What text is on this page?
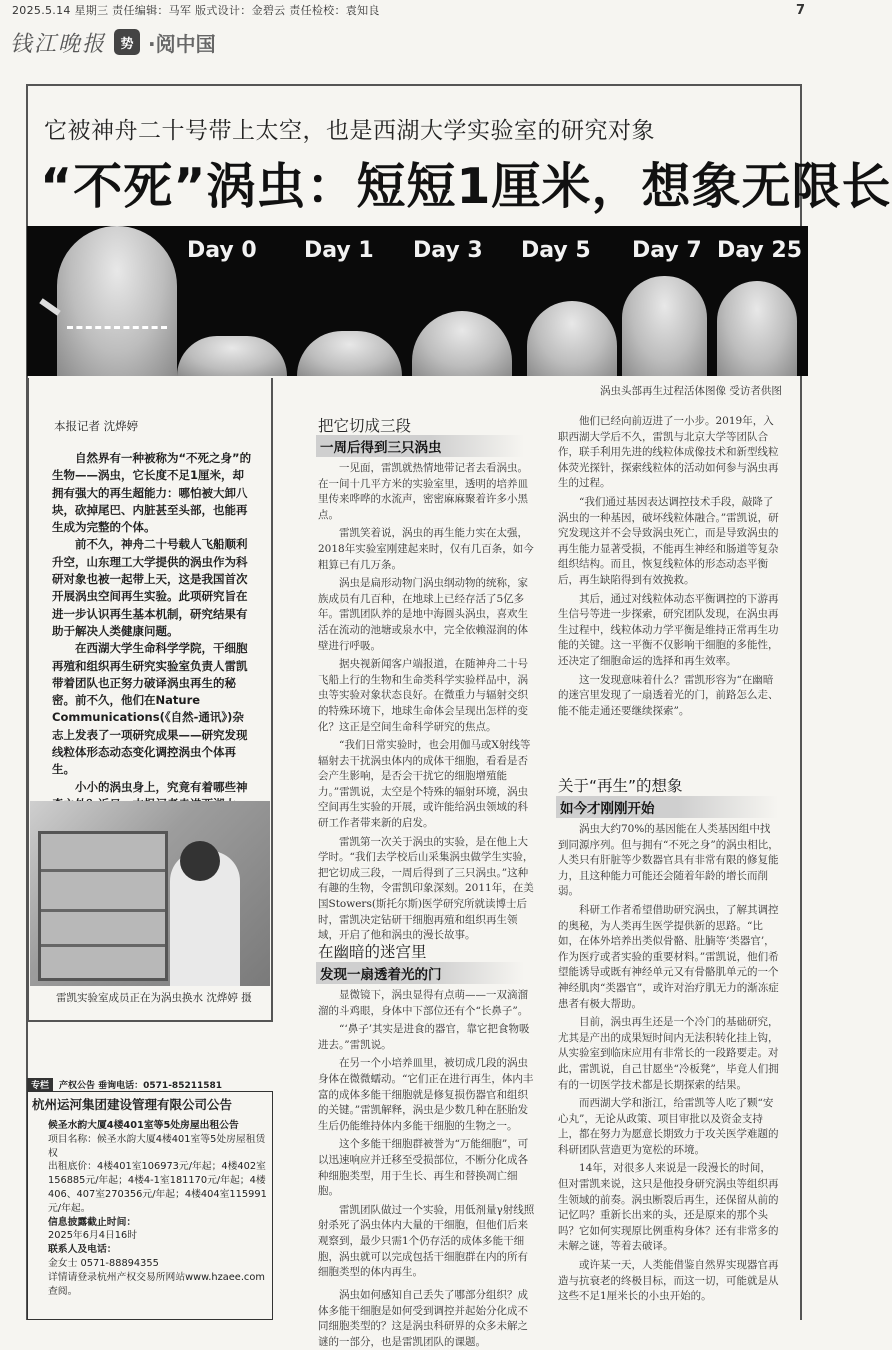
2025.5.14 星期三 责任编辑：马军 版式设计：金碧云 责任检校：袁知良	7
钱江晚报	势 ·阅中国
它被神舟二十号带上太空，也是西湖大学实验室的研究对象
“不死”涡虫：短短1厘米，想象无限长
Day 0 Day 1 Day 3 Day 5 Day 7 Day 25
涡虫头部再生过程活体图像 受访者供图
本报记者 沈烨婷

自然界有一种被称为“不死之身”的生物——涡虫，它长度不足1厘米，却拥有强大的再生超能力：哪怕被大卸八块，砍掉尾巴、内脏甚至头部，也能再生成为完整的个体。

前不久，神舟二十号载人飞船顺利升空，山东理工大学提供的涡虫作为科研对象也被一起带上天，这是我国首次开展涡虫空间再生实验。此项研究旨在进一步认识再生基本机制，研究结果有助于解决人类健康问题。

在西湖大学生命科学学院，干细胞再殖和组织再生研究实验室负责人雷凯带着团队也正努力破译涡虫再生的秘密。前不久，他们在Nature Communications(《自然-通讯》)杂志上发表了一项研究成果——研究发现线粒体形态动态变化调控涡虫个体再生。

小小的涡虫身上，究竟有着哪些神

雷凯实验室成员正在为涡虫换水 沈烨婷 摄
把它切成三段
一周后得到三只涡虫

一见面，雷凯就热情地带记者去看涡虫。在一间十几平方米的实验室里，透明的培养皿里传来哗哗的水流声，密密麻麻聚着许多小黑点。

雷凯笑着说，涡虫的再生能力实在太强，2018年实验室刚建起来时，仅有几百条，如今粗算已有几万条。

涡虫是扁形动物门涡虫纲动物的统称，家族成员有几百种，在地球上已经存活了5亿多年。雷凯团队养的是地中海圆头涡虫，喜欢生活在流动的池塘或泉水中，完全依赖湿润的体壁进行呼吸。

据央视新闻客户端报道，在随神舟二十号飞船上行的生物和生命类科学实验样品中，涡虫等实验对象状态良好。在微重力与辐射交织的特殊环境下，地球生命体会呈现出怎样的变化？这正是空间生命科学研究的焦点。

“我们日常实验时，也会用伽马或X射线等辐射去干扰涡虫体内的成体干细胞，看看是否会产生影响，是否会干扰它的细胞增殖能力。”雷凯说，太空是个特殊的辐射环境，涡虫空间再生实验的开展，或许能给涡虫领域的科研工作者带来新的启发。

雷凯第一次关于涡虫的实验，是在他上大学时。“我们去学校后山采集涡虫做学生实验，把它切成三段，一周后得到了三只涡虫。”这种有趣的生物，令雷凯印象深刻。2011年，在美国Stowers(斯托尔斯)医学研究所就读博士后时，雷凯决定钻研干细胞再殖和组织再生领域，开启了他和涡虫的漫长故事。

在幽暗的迷宫里
发现一扇透着光的门

显微镜下，涡虫显得有点萌——一双滴溜溜的斗鸡眼，身体中下部位还有个“长鼻子”。

“‘鼻子’其实是进食的器官，靠它把食物吸进去。”雷凯说。

在另一个小培养皿里，被切成几段的涡虫身体在微微蠕动。“它们正在进行再生，体内丰富的成体多能干细胞就是修复损伤器官和组织的关键。”雷凯解释，涡虫是少数几种在胚胎发生后仍能维持体内多能干细胞的生物之一。

这个多能干细胞群被誉为“万能细胞”，可以迅速响应并迁移至受损部位，不断分化成各种细胞类型，用于生长、再生和替换凋亡细胞。

雷凯团队做过一个实验，用低剂量γ射线照射杀死了涡虫体内大量的干细胞，但他们后来观察到，最少只需1个仍存活的成体多能干细胞，涡虫就可以完成包括干细胞群在内的所有细胞类型的体内再生。

涡虫如何感知自己丢失了哪部分组织？成体多能干细胞是如何受到调控并起始分化成不同细胞类型的？这是涡虫科研界的众多未解之谜的一部分，也是雷凯团队的课题。

他们已经向前迈进了一小步。2019年，入职西湖大学后不久，雷凯与北京大学等团队合作，联手利用先进的线粒体成像技术和新型线粒体荧光探针，探索线粒体的活动如何参与涡虫再生的过程。

“我们通过基因表达调控技术手段，敲降了涡虫的一种基因，破坏线粒体融合。”雷凯说，研究发现这并不会导致涡虫死亡，而是导致涡虫的再生能力显著受损，不能再生神经和肠道等复杂组织结构。而且，恢复线粒体的形态动态平衡后，再生缺陷得到有效挽救。

其后，通过对线粒体动态平衡调控的下游再生信号等进一步探索，研究团队发现，在涡虫再生过程中，线粒体动力学平衡是维持正常再生功能的关键。这一平衡不仅影响干细胞的多能性，还决定了细胞命运的选择和再生效率。

这一发现意味着什么？雷凯形容为“在幽暗的迷宫里发现了一扇透着光的门，前路怎么走、能不能走通还要继续探索”。

关于“再生”的想象
如今才刚刚开始

涡虫大约70%的基因能在人类基因组中找到同源序列。但与拥有“不死之身”的涡虫相比，人类只有肝脏等少数器官具有非常有限的修复能力，且这种能力可能还会随着年龄的增长而削弱。

科研工作者希望借助研究涡虫，了解其调控的奥秘，为人类再生医学提供新的思路。“比如，在体外培养出类似骨骼、肚腩等‘类器官’，作为医疗或者实验的重要材料。”雷凯说，他们希望能诱导或既有神经单元又有骨骼肌单元的一个神经肌肉“类器官”，或许对治疗肌无力的渐冻症患者有极大帮助。

目前，涡虫再生还是一个冷门的基础研究，尤其是产出的成果短时间内无法积转化挂上钩，从实验室到临床应用有非常长的一段路要走。对此，雷凯说，自己甘愿坐“冷板凳”，毕竟人们拥有的一切医学技术都是长期探索的结果。

而西湖大学和浙江，给雷凯等人吃了颗“安心丸”，无论从政策、项目审批以及资金支持上，都在努力为愿意长期致力于攻关医学难题的科研团队营造更为宽松的环境。

14年，对很多人来说是一段漫长的时间，但对雷凯来说，这只是他投身研究涡虫等组织再生领域的前奏。涡虫断裂后再生，还保留从前的记忆吗？重新长出来的头，还是原来的那个头吗？它如何实现原比例重构身体？还有非常多的未解之谜，等着去破译。

或许某一天，人类能借鉴自然界实现器官再造与抗衰老的终极目标，而这一切，可能就是从这些不足1厘米长的小虫开始的。

专栏	产权公告 垂询电话：0571-85211581
杭州运河集团建设管理有限公司公告
候圣水韵大厦4楼401室等5处房屋出租公告
项目名称：候圣水韵大厦4楼401室等5处房屋租赁权
出租底价：4楼401室106973元/年起；4楼402室156885元/年起；4楼4-1室181170元/年起；4楼406、407室270356元/年起；4楼404室115991元/年起。
信息披露截止时间：
2025年6月4日16时
联系人及电话：
金女士 0571-88894355
详情请登录杭州产权交易所网站www.hzaee.com查阅。
